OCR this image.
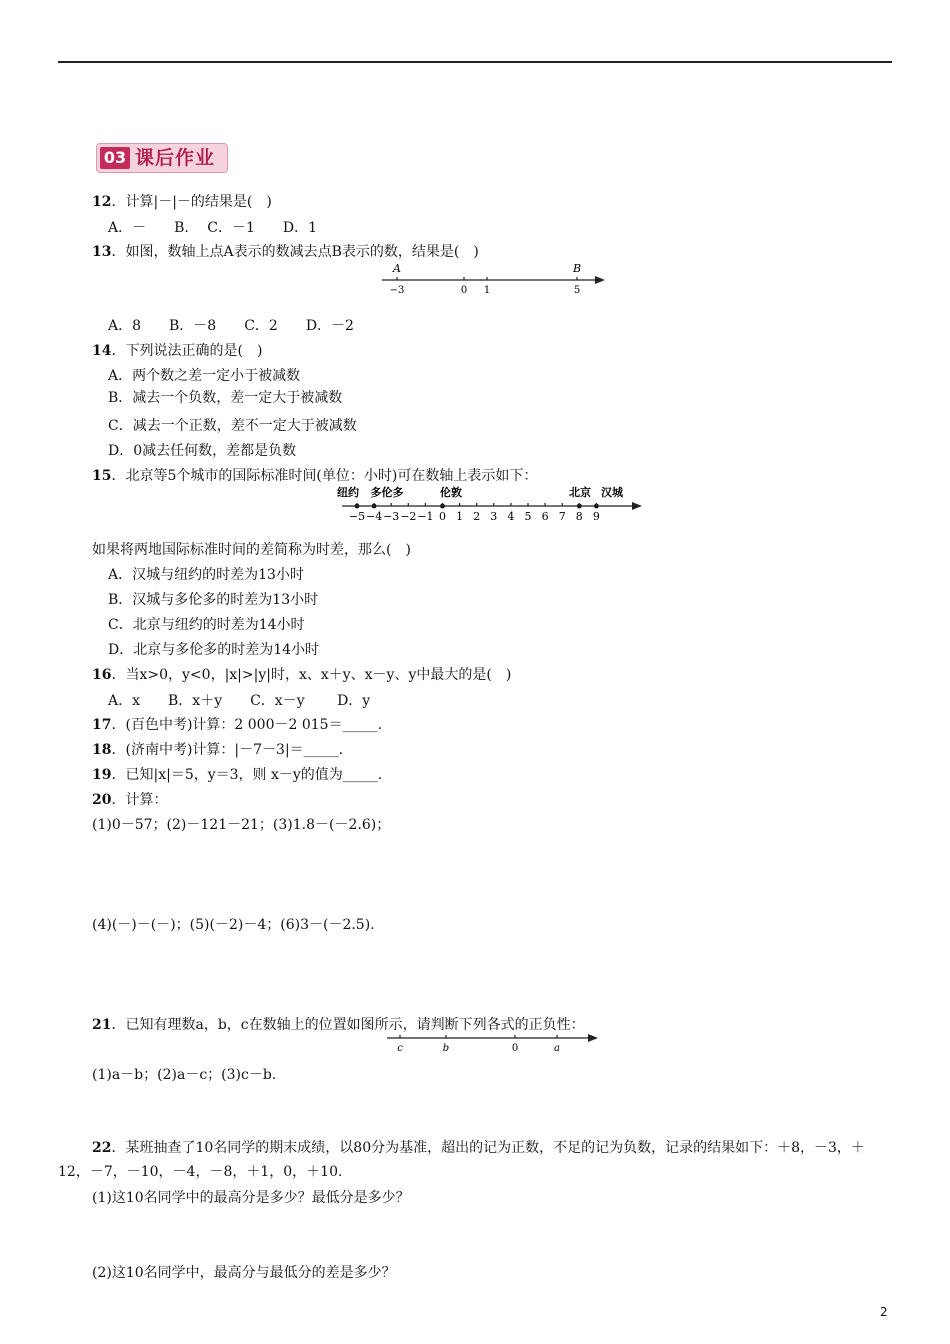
03 课后作业
12．计算|－|－的结果是(　)
A．－　　B.　 C．－1　　D．1
13．如图，数轴上点A表示的数减去点B表示的数，结果是(　)
A	B
−3	0 1	5
A．8　　B．－8　　C．2　　D．－2
14．下列说法正确的是(　)
A．两个数之差一定小于被减数
B．减去一个负数，差一定大于被减数
C．减去一个正数，差不一定大于被减数
D．0减去任何数，差都是负数
15．北京等5个城市的国际标准时间(单位：小时)可在数轴上表示如下：
纽约 多伦多	伦敦	北京 汉城
−5 −4 −3 −2 −1 0 1 2 3 4 5 6 7 8 9
如果将两地国际标准时间的差简称为时差，那么(　)
A．汉城与纽约的时差为13小时
B．汉城与多伦多的时差为13小时
C．北京与纽约的时差为14小时
D．北京与多伦多的时差为14小时
16．当x>0，y<0，|x|>|y|时，x、x＋y、x－y、y中最大的是(　)
A．x　　B．x＋y　　C．x－y　　 D．y
17．(百色中考)计算：2 000－2 015＝_____.
18．(济南中考)计算：|－7－3|＝_____.
19．已知|x|＝5，y＝3，则 x－y的值为_____.
20．计算：
(1)0－57；(2)－121－21；(3)1.8－(－2.6)；
(4)(－)－(－)；(5)(－2)－4；(6)3－(－2.5).
21．已知有理数a，b，c在数轴上的位置如图所示，请判断下列各式的正负性：
c	b	0	a
(1)a－b；(2)a－c；(3)c－b.
22．某班抽查了10名同学的期末成绩，以80分为基准，超出的记为正数，不足的记为负数，记录的结果如下：＋8，－3，＋12，－7，－10，－4，－8，＋1，0，＋10.
(1)这10名同学中的最高分是多少？最低分是多少？
(2)这10名同学中，最高分与最低分的差是多少？
2
